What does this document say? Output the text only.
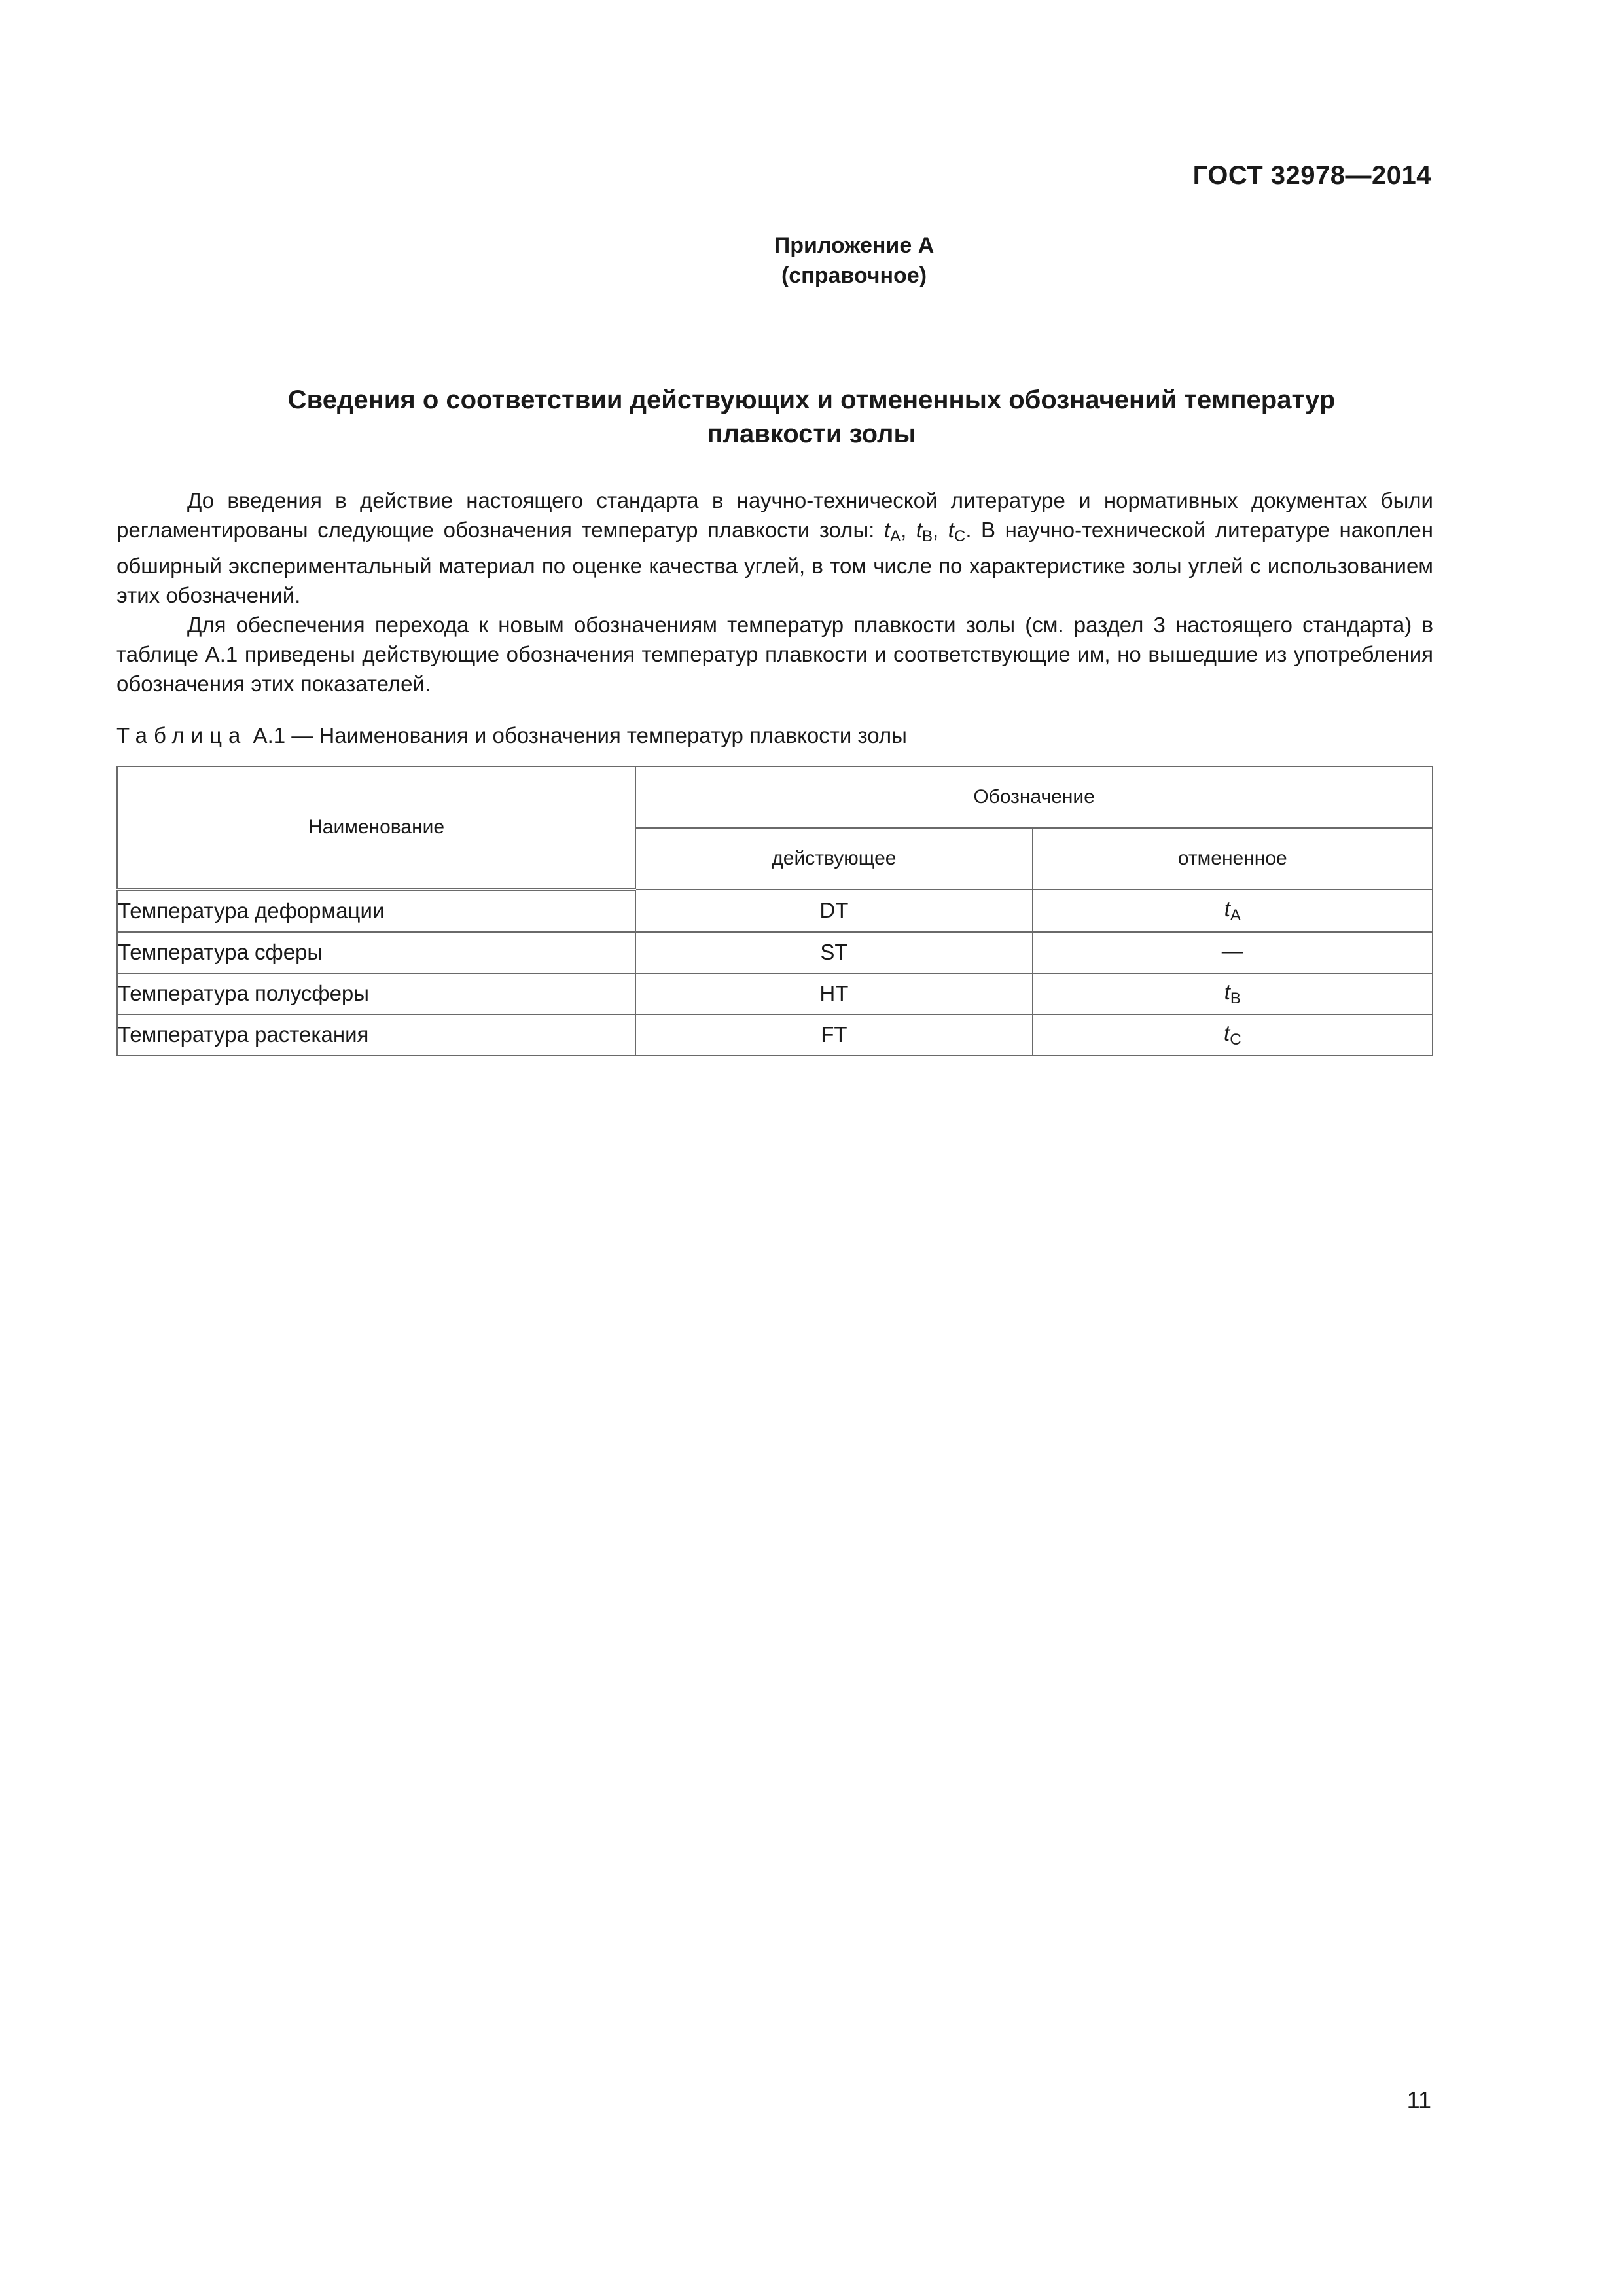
ГОСТ 32978—2014
Приложение А
(справочное)
Сведения о соответствии действующих и отмененных обозначений температур
плавкости золы

До введения в действие настоящего стандарта в научно-технической литературе и нормативных документах были регламентированы следующие обозначения температур плавкости золы: $t_A$, $t_B$, $t_C$. В научно-технической литературе накоплен обширный экспериментальный материал по оценке качества углей, в том числе по характеристике золы углей с использованием этих обозначений.

Для обеспечения перехода к новым обозначениям температур плавкости золы (см. раздел 3 настоящего стандарта) в таблице А.1 приведены действующие обозначения температур плавкости и соответствующие им, но вышедшие из употребления обозначения этих показателей.

Таблица А.1 — Наименования и обозначения температур плавкости золы
Наименование	Обозначение	
	действующее	отмененное
Температура деформации	DT	$t_A$
Температура сферы	ST	—
Температура полусферы	HT	$t_B$
Температура растекания	FT	$t_C$
11
